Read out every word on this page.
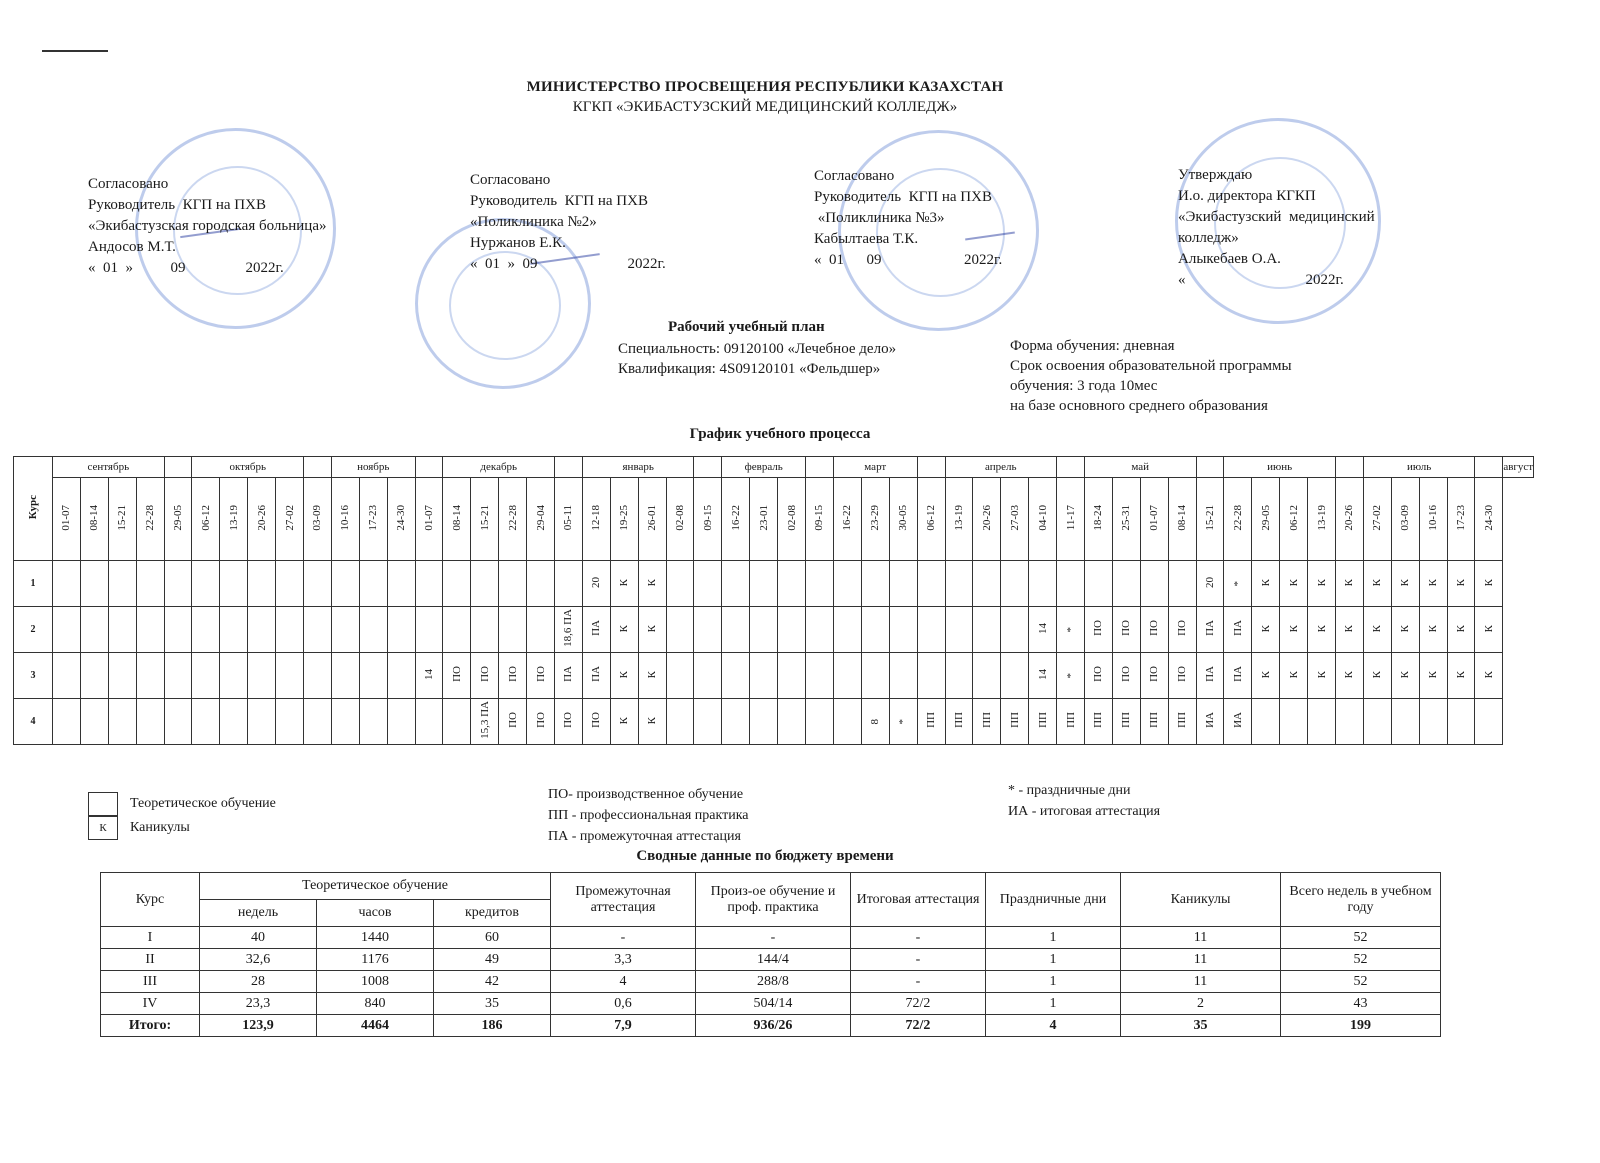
МИНИСТЕРСТВО ПРОСВЕЩЕНИЯ РЕСПУБЛИКИ КАЗАХСТАН
КГКП «ЭКИБАСТУЗСКИЙ МЕДИЦИНСКИЙ КОЛЛЕДЖ»
Согласовано
Руководитель  КГП на ПХВ
«Экибастузская городская больница»
Андосов М.Т.
«  01  »          09                2022г.
Согласовано
Руководитель  КГП на ПХВ
«Поликлиника №2»
Нуржанов Е.К.
«  01  »  09                        2022г.
Согласовано
Руководитель  КГП на ПХВ
«Поликлиника №3»
Кабылтаева Т.К.
«  01      09                      2022г.
Утверждаю
И.о. директора КГКП
«Экибастузский  медицинский
колледж»
Алыкебаев О.А.
«                                2022г.
Рабочий учебный план
Специальность: 09120100 «Лечебное дело»
Квалификация: 4S09120101 «Фельдшер»
Форма обучения: дневная
Срок освоения образовательной программы
обучения: 3 года 10мес
на базе основного среднего образования
График учебного процесса
Курс	сентябрь					октябрь					ноябрь				декабрь					январь					февраль				март				апрель					май					июнь					июль					август
	01-07	08-14	15-21	22-28	29-05	06-12	13-19	20-26	27-02	03-09	10-16	17-23	24-30	01-07	08-14	15-21	22-28	29-04	05-11	12-18	19-25	26-01	02-08	09-15	16-22	23-01	02-08	09-15	16-22	23-29	30-05	06-12	13-19	20-26	27-03	04-10	11-17	18-24	25-31	01-07	08-14	15-21	22-28	29-05	06-12	13-19	20-26	27-02	03-09	10-16	17-23	24-30	
1																				20	К	К																				20	*	К	К	К	К	К	К	К	К	К	
2																			18,6 ПА	ПА	К	К														14	*	ПО	ПО	ПО	ПО	ПА	ПА	К	К	К	К	К	К	К	К	К	
3														14	ПО	ПО	ПО	ПО	ПА	ПА	К	К														14	*	ПО	ПО	ПО	ПО	ПА	ПА	К	К	К	К	К	К	К	К	К	
4																15,3 ПА	ПО	ПО	ПО	ПО	К	К								8	*	ПП	ПП	ПП	ПП	ПП	ПП	ПП	ПП	ПП	ПП	ИА	ИА										
Теоретическое обучение
К	Каникулы
ПО- производственное обучение
ПП - профессиональная практика
ПА - промежуточная аттестация
* - праздничные дни
ИА - итоговая аттестация
Сводные данные по бюджету времени
Курс	Теоретическое обучение			Промежуточная аттестация	Произ-ое обучение и проф. практика	Итоговая аттестация	Праздничные дни	Каникулы	Всего недель в учебном году
	недель	часов	кредитов						
I	40	1440	60	-	-	-	1	11	52
II	32,6	1176	49	3,3	144/4	-	1	11	52
III	28	1008	42	4	288/8	-	1	11	52
IV	23,3	840	35	0,6	504/14	72/2	1	2	43
Итого:	123,9	4464	186	7,9	936/26	72/2	4	35	199
